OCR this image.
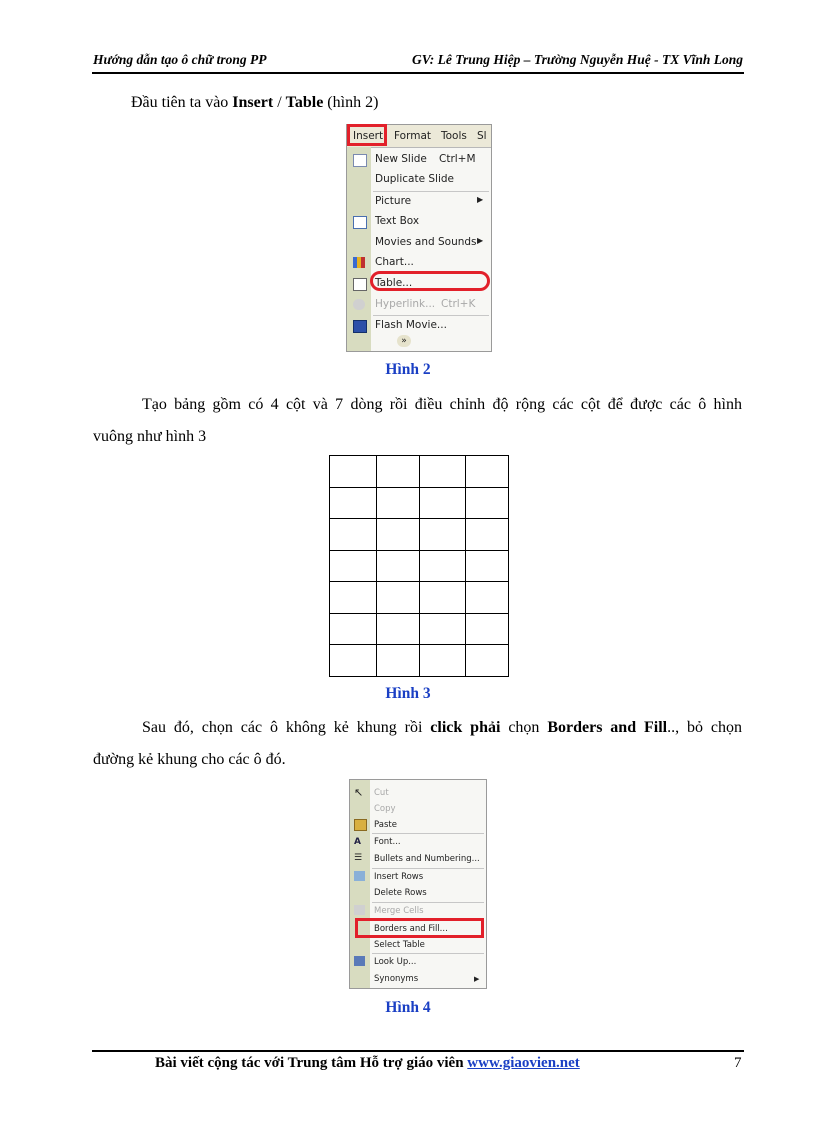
Hướng dẫn tạo ô chữ trong PP	GV: Lê Trung Hiệp – Trường Nguyễn Huệ - TX Vĩnh Long
Đầu tiên ta vào Insert / Table (hình 2)
Insert Format Tools Sl
New Slide Ctrl+M
Duplicate Slide
Picture	▶
Text Box
Movies and Sounds ▶
Chart...
Table...
Hyperlink... Ctrl+K
Flash Movie...
»
Hình 2
Tạo bảng gồm có 4 cột và 7 dòng rồi điều chỉnh độ rộng các cột để được các ô hình
vuông như hình 3

Hình 3
Sau đó, chọn các ô không kẻ khung rồi click phải chọn Borders and Fill.., bỏ chọn
đường kẻ khung cho các ô đó.
↖ Cut
Copy
Paste
A	Font...
☰	Bullets and Numbering...
Insert Rows
Delete Rows
Merge Cells
Borders and Fill...
Select Table
Look Up...
Synonyms	▶
Hình 4
Bài viết cộng tác với Trung tâm Hỗ trợ giáo viên www.giaovien.net	7
